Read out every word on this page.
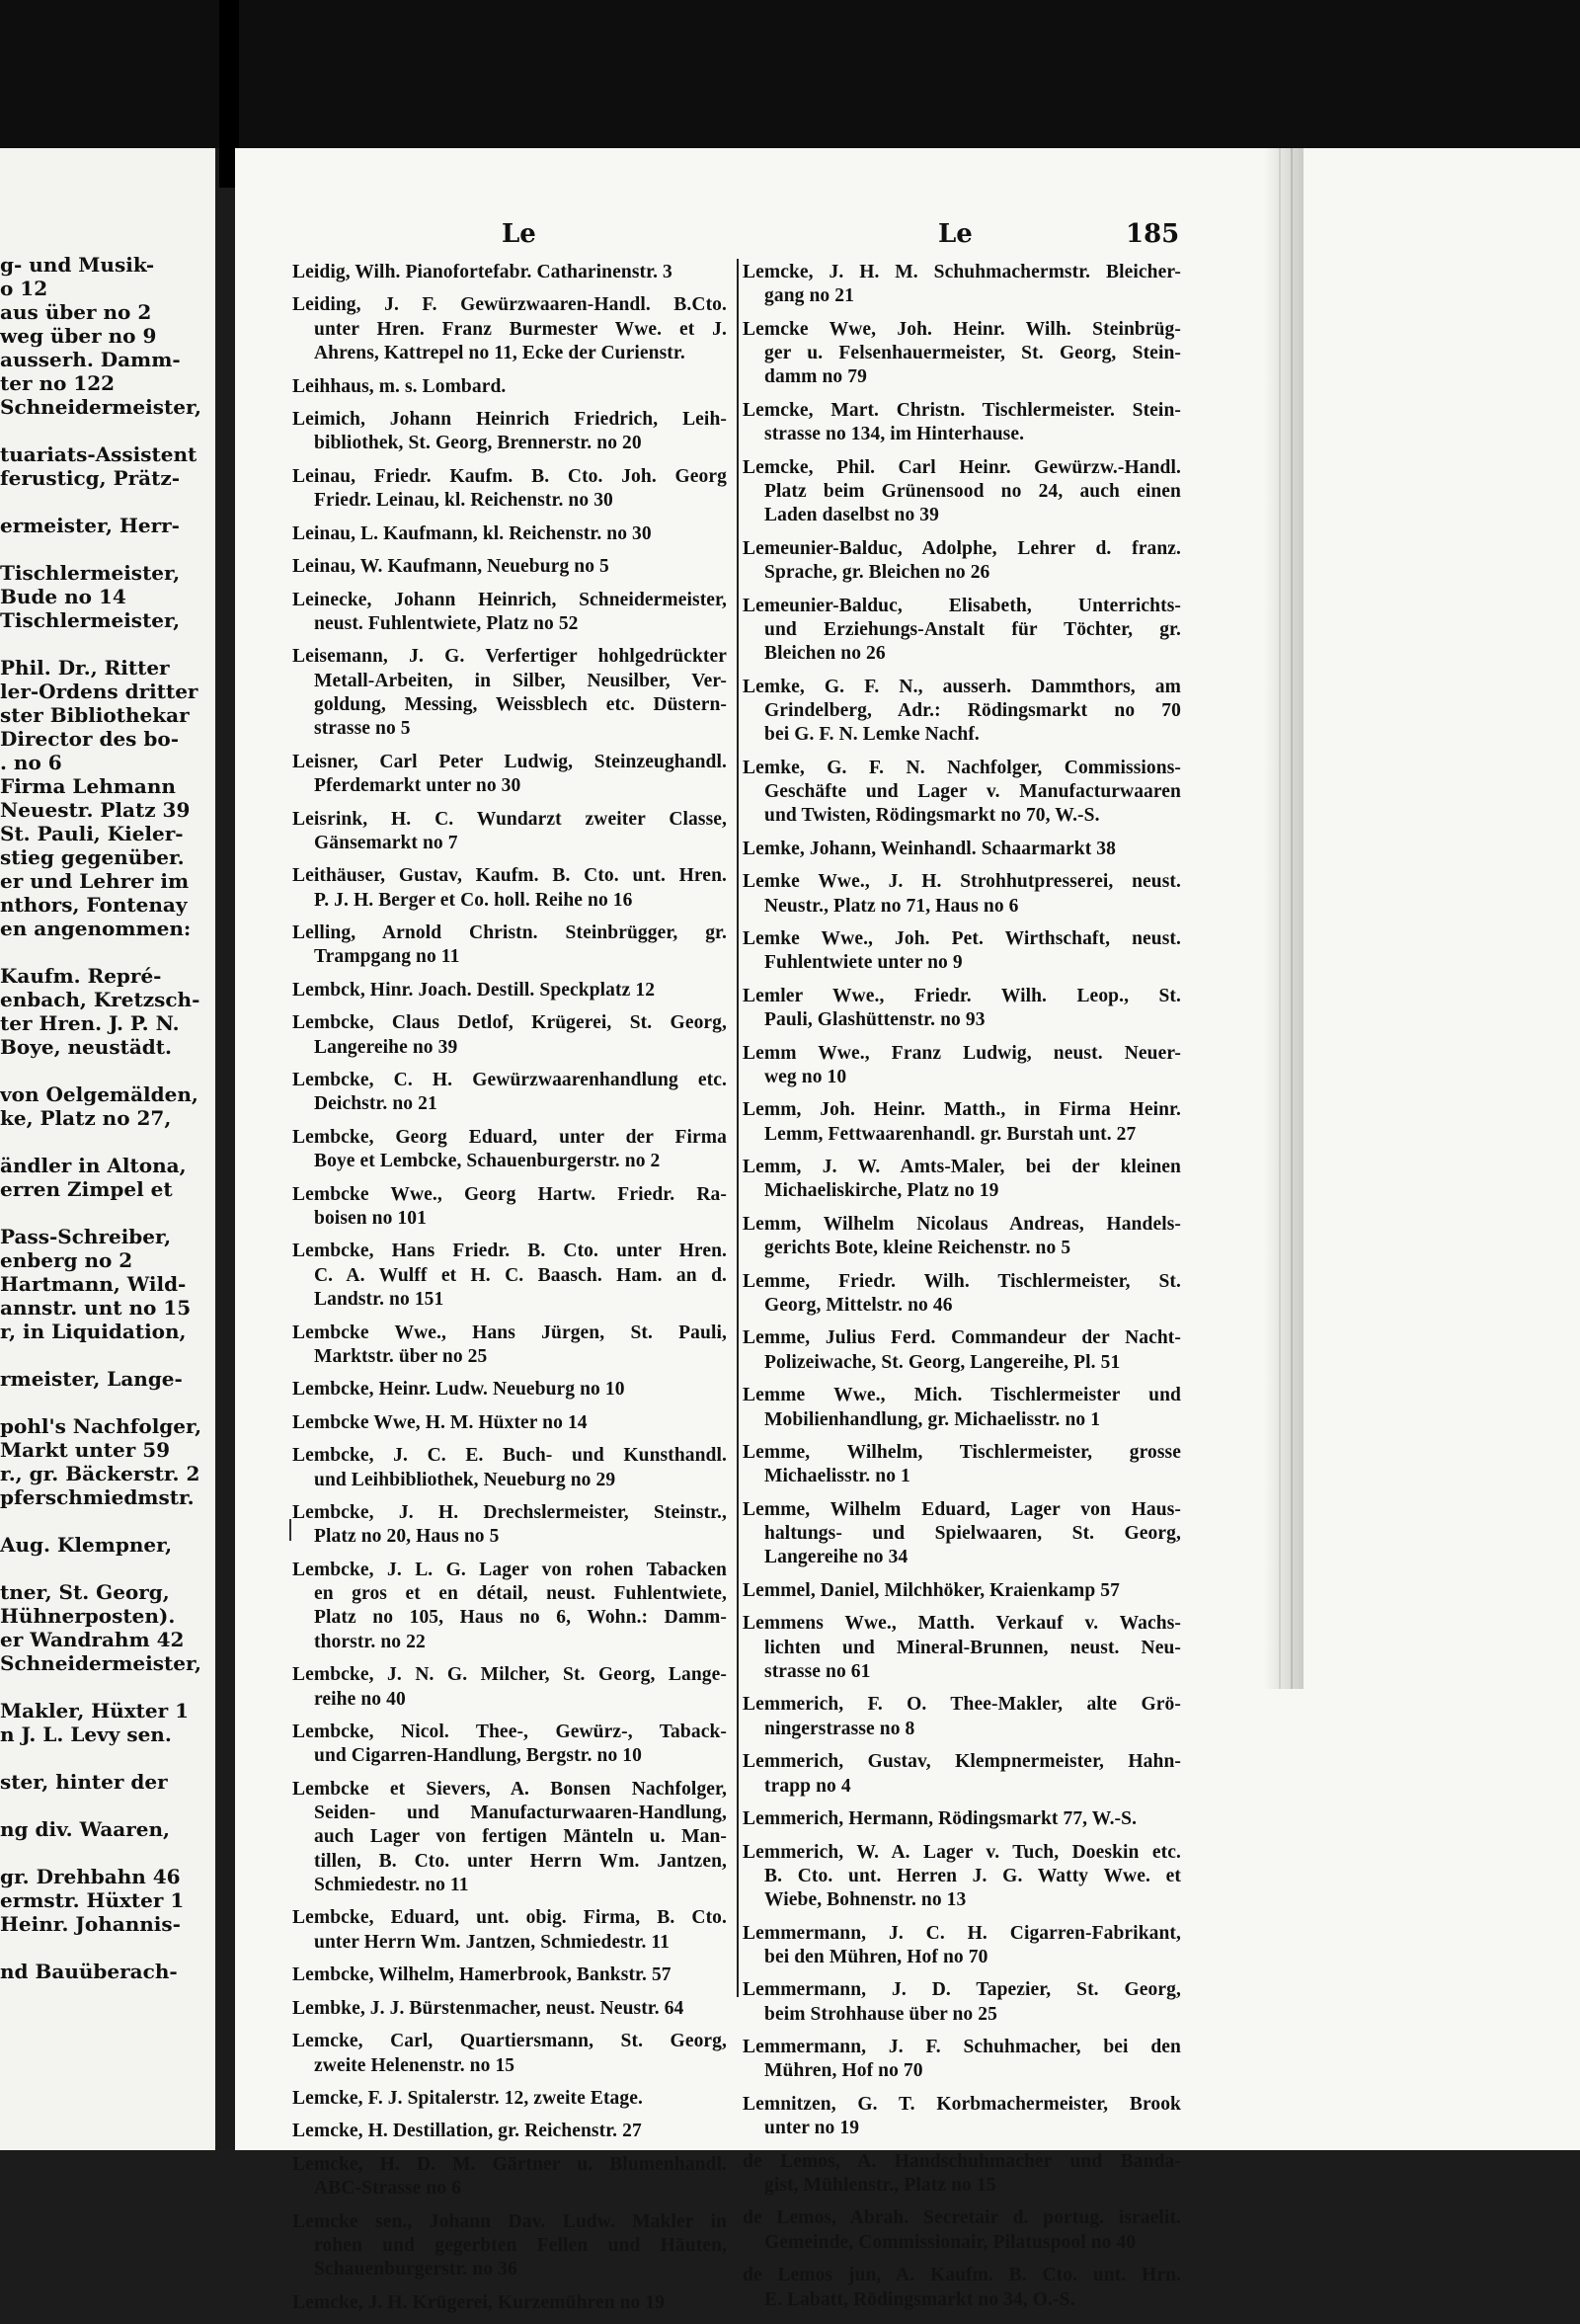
g- und Musik-
o 12
aus über no 2
weg über no 9
ausserh. Damm-
ter no 122
Schneidermeister,
tuariats-Assistent
ferusticg, Prätz-
ermeister, Herr-
Tischlermeister,
Bude no 14
Tischlermeister,
Phil. Dr., Ritter
ler-Ordens dritter
ster Bibliothekar
Director des bo-
. no 6
Firma Lehmann
Neuestr. Platz 39
St. Pauli, Kieler-
stieg gegenüber.
er und Lehrer im
nthors, Fontenay
en angenommen:
Kaufm. Repré-
enbach, Kretzsch-
ter Hren. J. P. N.
Boye, neustädt.
von Oelgemälden,
ke, Platz no 27,
ändler in Altona,
erren Zimpel et
Pass-Schreiber,
enberg no 2
Hartmann, Wild-
annstr. unt no 15
r, in Liquidation,
rmeister, Lange-
pohl's Nachfolger,
Markt unter 59
r., gr. Bäckerstr. 2
pferschmiedmstr.
Aug. Klempner,
tner, St. Georg,
Hühnerposten).
er Wandrahm 42
Schneidermeister,
Makler, Hüxter 1
n J. L. Levy sen.
ster, hinter der
ng div. Waaren,
gr. Drehbahn 46
ermstr. Hüxter 1
Heinr. Johannis-
nd Bauüberach-
Le	Le	185
Leidig, Wilh. Pianofortefabr. Catharinenstr. 3
Leiding, J. F. Gewürzwaaren-Handl. B.Cto.
unter Hren. Franz Burmester Wwe. et J.
Ahrens, Kattrepel no 11, Ecke der Curienstr.
Leihhaus, m. s. Lombard.
Leimich, Johann Heinrich Friedrich, Leih-
bibliothek, St. Georg, Brennerstr. no 20
Leinau, Friedr. Kaufm. B. Cto. Joh. Georg
Friedr. Leinau, kl. Reichenstr. no 30
Leinau, L. Kaufmann, kl. Reichenstr. no 30
Leinau, W. Kaufmann, Neueburg no 5
Leinecke, Johann Heinrich, Schneidermeister,
neust. Fuhlentwiete, Platz no 52
Leisemann, J. G. Verfertiger hohlgedrückter
Metall-Arbeiten, in Silber, Neusilber, Ver-
goldung, Messing, Weissblech etc. Düstern-
strasse no 5
Leisner, Carl Peter Ludwig, Steinzeughandl.
Pferdemarkt unter no 30
Leisrink, H. C. Wundarzt zweiter Classe,
Gänsemarkt no 7
Leithäuser, Gustav, Kaufm. B. Cto. unt. Hren.
P. J. H. Berger et Co. holl. Reihe no 16
Lelling, Arnold Christn. Steinbrügger, gr.
Trampgang no 11
Lembck, Hinr. Joach. Destill. Speckplatz 12
Lembcke, Claus Detlof, Krügerei, St. Georg,
Langereihe no 39
Lembcke, C. H. Gewürzwaarenhandlung etc.
Deichstr. no 21
Lembcke, Georg Eduard, unter der Firma
Boye et Lembcke, Schauenburgerstr. no 2
Lembcke Wwe., Georg Hartw. Friedr. Ra-
boisen no 101
Lembcke, Hans Friedr. B. Cto. unter Hren.
C. A. Wulff et H. C. Baasch. Ham. an d.
Landstr. no 151
Lembcke Wwe., Hans Jürgen, St. Pauli,
Marktstr. über no 25
Lembcke, Heinr. Ludw. Neueburg no 10
Lembcke Wwe, H. M. Hüxter no 14
Lembcke, J. C. E. Buch- und Kunsthandl.
und Leihbibliothek, Neueburg no 29
Lembcke, J. H. Drechslermeister, Steinstr.,
Platz no 20, Haus no 5
Lembcke, J. L. G. Lager von rohen Tabacken
en gros et en détail, neust. Fuhlentwiete,
Platz no 105, Haus no 6, Wohn.: Damm-
thorstr. no 22
Lembcke, J. N. G. Milcher, St. Georg, Lange-
reihe no 40
Lembcke, Nicol. Thee-, Gewürz-, Taback-
und Cigarren-Handlung, Bergstr. no 10
Lembcke et Sievers, A. Bonsen Nachfolger,
Seiden- und Manufacturwaaren-Handlung,
auch Lager von fertigen Mänteln u. Man-
tillen, B. Cto. unter Herrn Wm. Jantzen,
Schmiedestr. no 11
Lembcke, Eduard, unt. obig. Firma, B. Cto.
unter Herrn Wm. Jantzen, Schmiedestr. 11
Lembcke, Wilhelm, Hamerbrook, Bankstr. 57
Lembke, J. J. Bürstenmacher, neust. Neustr. 64
Lemcke, Carl, Quartiersmann, St. Georg,
zweite Helenenstr. no 15
Lemcke, F. J. Spitalerstr. 12, zweite Etage.
Lemcke, H. Destillation, gr. Reichenstr. 27
Lemcke, H. D. M. Gärtner u. Blumenhandl.
ABC-Strasse no 6
Lemcke sen., Johann Dav. Ludw. Makler in
rohen und gegerbten Fellen und Häuten,
Schauenburgerstr. no 36
Lemcke, J. H. Krügerei, Kurzemühren no 19
Lemcke, J. H. M. Schuhmachermstr. Bleicher-
gang no 21
Lemcke Wwe, Joh. Heinr. Wilh. Steinbrüg-
ger u. Felsenhauermeister, St. Georg, Stein-
damm no 79
Lemcke, Mart. Christn. Tischlermeister. Stein-
strasse no 134, im Hinterhause.
Lemcke, Phil. Carl Heinr. Gewürzw.-Handl.
Platz beim Grünensood no 24, auch einen
Laden daselbst no 39
Lemeunier-Balduc, Adolphe, Lehrer d. franz.
Sprache, gr. Bleichen no 26
Lemeunier-Balduc, Elisabeth, Unterrichts-
und Erziehungs-Anstalt für Töchter, gr.
Bleichen no 26
Lemke, G. F. N., ausserh. Dammthors, am
Grindelberg, Adr.: Rödingsmarkt no 70
bei G. F. N. Lemke Nachf.
Lemke, G. F. N. Nachfolger, Commissions-
Geschäfte und Lager v. Manufacturwaaren
und Twisten, Rödingsmarkt no 70, W.-S.
Lemke, Johann, Weinhandl. Schaarmarkt 38
Lemke Wwe., J. H. Strohhutpresserei, neust.
Neustr., Platz no 71, Haus no 6
Lemke Wwe., Joh. Pet. Wirthschaft, neust.
Fuhlentwiete unter no 9
Lemler Wwe., Friedr. Wilh. Leop., St.
Pauli, Glashüttenstr. no 93
Lemm Wwe., Franz Ludwig, neust. Neuer-
weg no 10
Lemm, Joh. Heinr. Matth., in Firma Heinr.
Lemm, Fettwaarenhandl. gr. Burstah unt. 27
Lemm, J. W. Amts-Maler, bei der kleinen
Michaeliskirche, Platz no 19
Lemm, Wilhelm Nicolaus Andreas, Handels-
gerichts Bote, kleine Reichenstr. no 5
Lemme, Friedr. Wilh. Tischlermeister, St.
Georg, Mittelstr. no 46
Lemme, Julius Ferd. Commandeur der Nacht-
Polizeiwache, St. Georg, Langereihe, Pl. 51
Lemme Wwe., Mich. Tischlermeister und
Mobilienhandlung, gr. Michaelisstr. no 1
Lemme, Wilhelm, Tischlermeister, grosse
Michaelisstr. no 1
Lemme, Wilhelm Eduard, Lager von Haus-
haltungs- und Spielwaaren, St. Georg,
Langereihe no 34
Lemmel, Daniel, Milchhöker, Kraienkamp 57
Lemmens Wwe., Matth. Verkauf v. Wachs-
lichten und Mineral-Brunnen, neust. Neu-
strasse no 61
Lemmerich, F. O. Thee-Makler, alte Grö-
ningerstrasse no 8
Lemmerich, Gustav, Klempnermeister, Hahn-
trapp no 4
Lemmerich, Hermann, Rödingsmarkt 77, W.-S.
Lemmerich, W. A. Lager v. Tuch, Doeskin etc.
B. Cto. unt. Herren J. G. Watty Wwe. et
Wiebe, Bohnenstr. no 13
Lemmermann, J. C. H. Cigarren-Fabrikant,
bei den Mühren, Hof no 70
Lemmermann, J. D. Tapezier, St. Georg,
beim Strohhause über no 25
Lemmermann, J. F. Schuhmacher, bei den
Mühren, Hof no 70
Lemnitzen, G. T. Korbmachermeister, Brook
unter no 19
de Lemos, A. Handschuhmacher und Banda-
gist, Mühlenstr., Platz no 15
de Lemos, Abrah. Secretair d. portug. israelit.
Gemeinde, Commissionair, Pilatuspool no 40
de Lemos jun, A. Kaufm. B. Cto. unt. Hrn.
E. Labatt, Rödingsmarkt no 34, O.-S.
